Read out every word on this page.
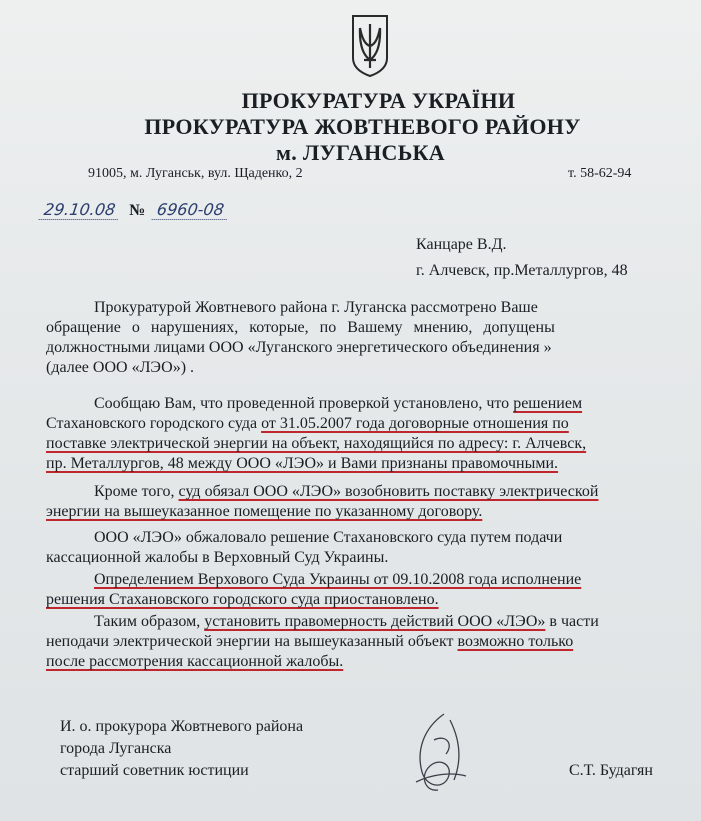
ПРОКУРАТУРА УКРАЇНИ
ПРОКУРАТУРА ЖОВТНЕВОГО РАЙОНУ
м. ЛУГАНСЬКА
91005, м. Луганськ, вул. Щаденко, 2	т. 58-62-94
29.10.08 № 6960-08
Канцаре В.Д.
г. Алчевск, пр.Металлургов, 48
Прокуратурой Жовтневого района г. Луганска рассмотрено Ваше
обращение о нарушениях, которые, по Вашему мнению, допущены
должностными лицами ООО «Луганского энергетического объединения »
(далее ООО «ЛЭО») .
Сообщаю Вам, что проведенной проверкой установлено, что решением
Стахановского городского суда от 31.05.2007 года договорные отношения по
поставке электрической энергии на объект, находящийся по адресу: г. Алчевск,
пр. Металлургов, 48 между ООО «ЛЭО» и Вами признаны правомочными.
Кроме того, суд обязал ООО «ЛЭО» возобновить поставку электрической
энергии на вышеуказанное помещение по указанному договору.
ООО «ЛЭО» обжаловало решение Стахановского суда путем подачи
кассационной жалобы в Верховный Суд Украины.
Определением Верхового Суда Украины от 09.10.2008 года исполнение
решения Стахановского городского суда приостановлено.
Таким образом, установить правомерность действий ООО «ЛЭО» в части
неподачи электрической энергии на вышеуказанный объект возможно только
после рассмотрения кассационной жалобы.
И. о. прокурора Жовтневого района
города Луганска
старший советник юстиции	С.Т. Будагян
